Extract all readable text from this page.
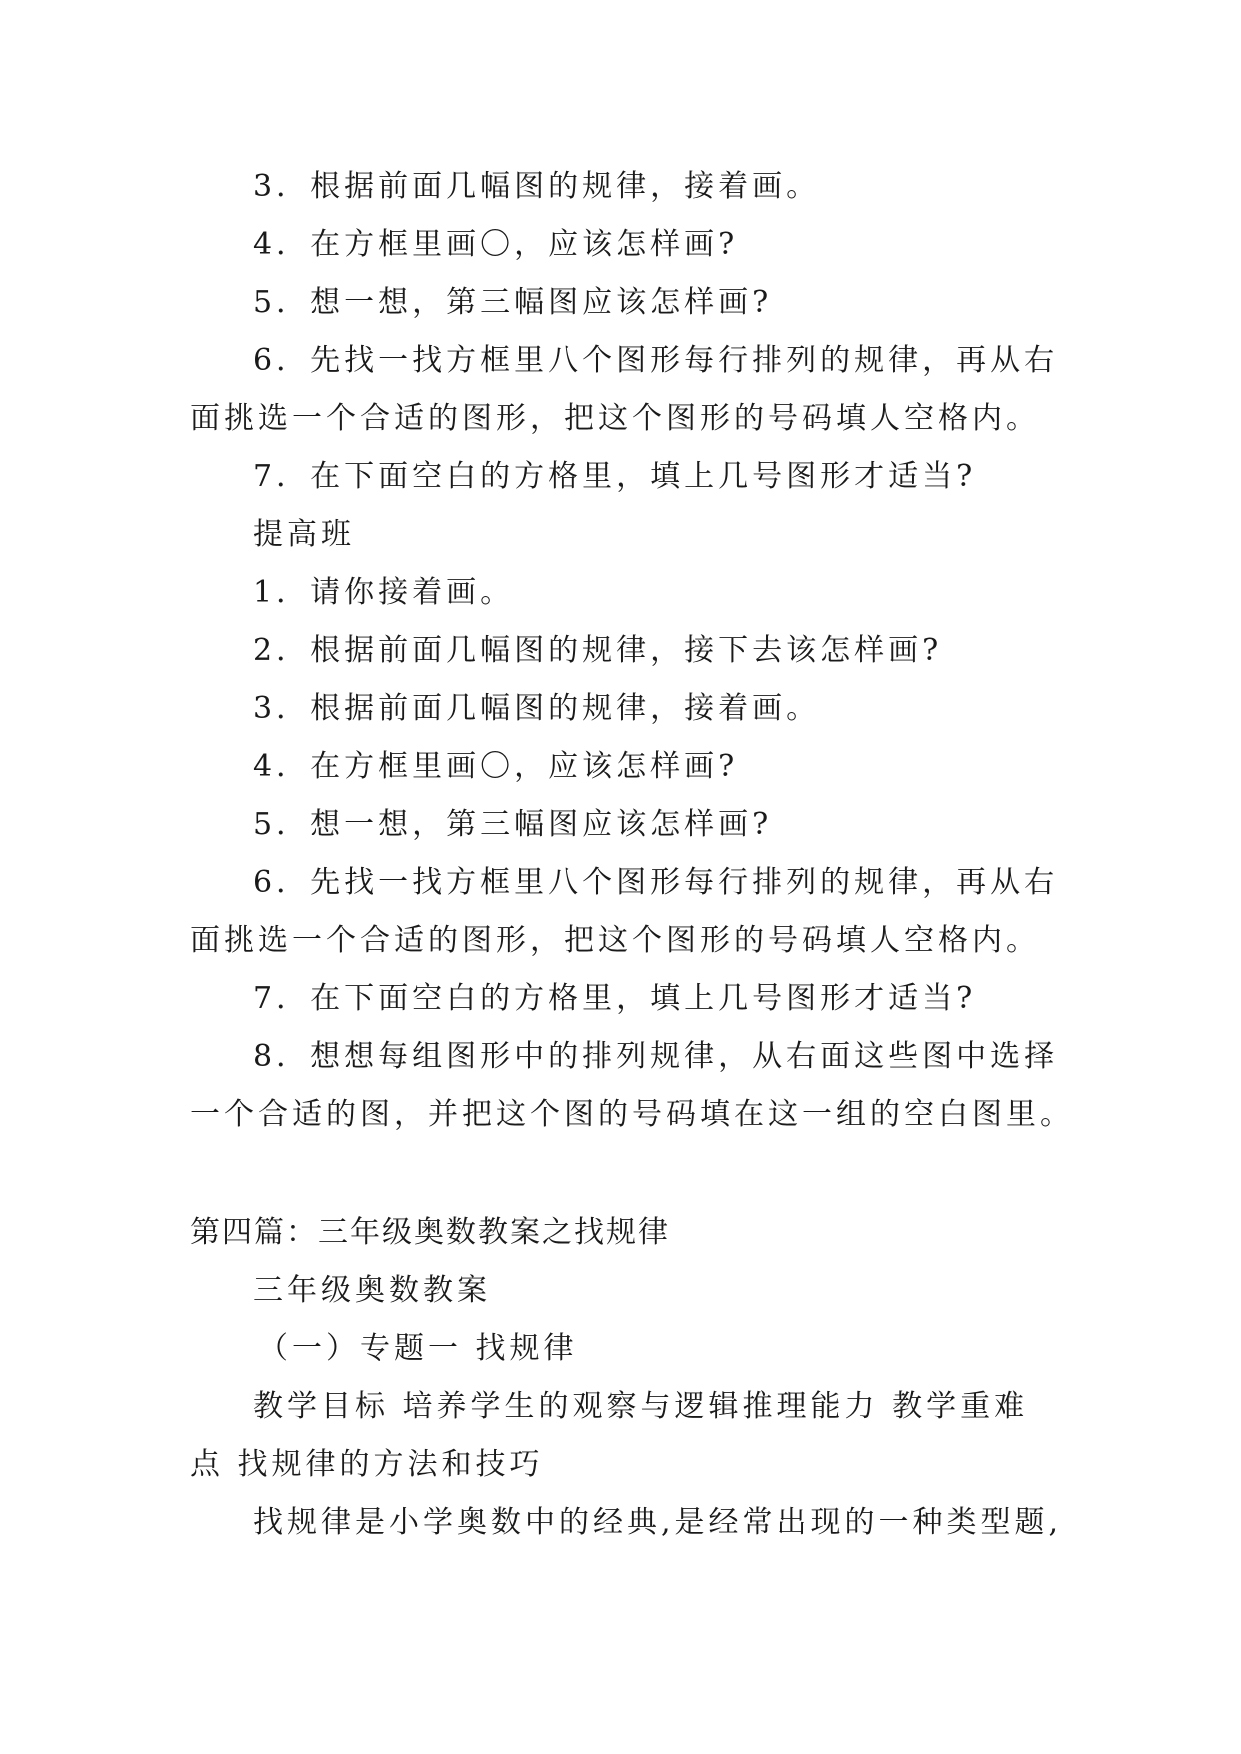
3．根据前面几幅图的规律，接着画。
4．在方框里画〇，应该怎样画?
5．想一想，第三幅图应该怎样画?
6．先找一找方框里八个图形每行排列的规律，再从右
面挑选一个合适的图形，把这个图形的号码填人空格内。
7．在下面空白的方格里，填上几号图形才适当?
提高班
1．请你接着画。
2．根据前面几幅图的规律，接下去该怎样画?
3．根据前面几幅图的规律，接着画。
4．在方框里画〇，应该怎样画?
5．想一想，第三幅图应该怎样画?
6．先找一找方框里八个图形每行排列的规律，再从右
面挑选一个合适的图形，把这个图形的号码填人空格内。
7．在下面空白的方格里，填上几号图形才适当?
8．想想每组图形中的排列规律，从右面这些图中选择
一个合适的图，并把这个图的号码填在这一组的空白图里。
第四篇：三年级奥数教案之找规律
三年级奥数教案
（一）专题一 找规律
教学目标 培养学生的观察与逻辑推理能力 教学重难
点 找规律的方法和技巧
找规律是小学奥数中的经典,是经常出现的一种类型题,
